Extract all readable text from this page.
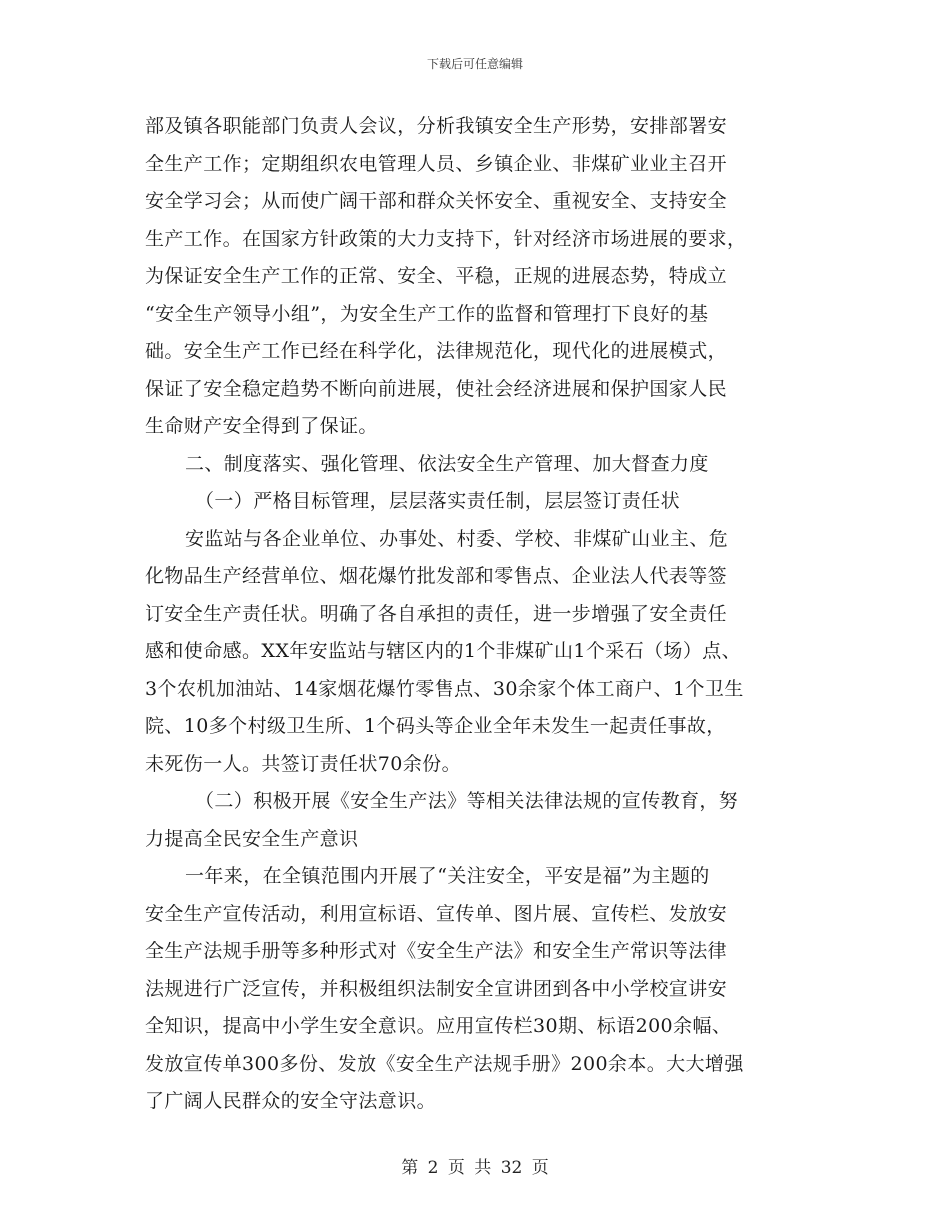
下载后可任意编辑
部及镇各职能部门负责人会议，分析我镇安全生产形势，安排部署安
全生产工作；定期组织农电管理人员、乡镇企业、非煤矿业业主召开
安全学习会；从而使广阔干部和群众关怀安全、重视安全、支持安全
生产工作。在国家方针政策的大力支持下，针对经济市场进展的要求，
为保证安全生产工作的正常、安全、平稳，正规的进展态势，特成立
“安全生产领导小组”，为安全生产工作的监督和管理打下良好的基
础。安全生产工作已经在科学化，法律规范化，现代化的进展模式，
保证了安全稳定趋势不断向前进展，使社会经济进展和保护国家人民
生命财产安全得到了保证。
二、制度落实、强化管理、依法安全生产管理、加大督查力度
（一）严格目标管理，层层落实责任制，层层签订责任状
安监站与各企业单位、办事处、村委、学校、非煤矿山业主、危
化物品生产经营单位、烟花爆竹批发部和零售点、企业法人代表等签
订安全生产责任状。明确了各自承担的责任，进一步增强了安全责任
感和使命感。XX年安监站与辖区内的1个非煤矿山1个采石（场）点、
3个农机加油站、14家烟花爆竹零售点、30余家个体工商户、1个卫生
院、10多个村级卫生所、1个码头等企业全年未发生一起责任事故，
未死伤一人。共签订责任状70余份。
（二）积极开展《安全生产法》等相关法律法规的宣传教育，努
力提高全民安全生产意识
一年来，在全镇范围内开展了“关注安全，平安是福”为主题的
安全生产宣传活动，利用宣标语、宣传单、图片展、宣传栏、发放安
全生产法规手册等多种形式对《安全生产法》和安全生产常识等法律
法规进行广泛宣传，并积极组织法制安全宣讲团到各中小学校宣讲安
全知识，提高中小学生安全意识。应用宣传栏30期、标语200余幅、
发放宣传单300多份、发放《安全生产法规手册》200余本。大大增强
了广阔人民群众的安全守法意识。
第 2 页 共 32 页
